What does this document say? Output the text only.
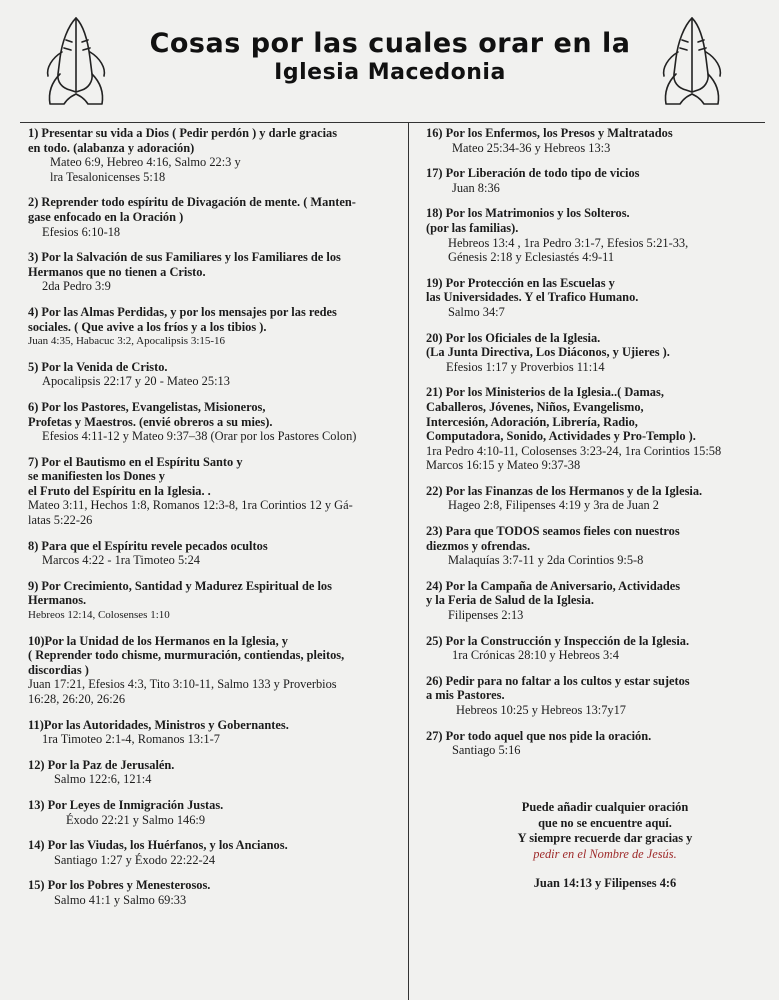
Cosas por las cuales orar en la
Iglesia Macedonia
1) Presentar su vida a Dios ( Pedir perdón ) y darle gracias
en todo. (alabanza y adoración)
Mateo 6:9, Hebreo 4:16, Salmo 22:3 y
lra Tesalonicenses 5:18
2) Reprender todo espíritu de Divagación de mente. ( Manten-
gase enfocado en la Oración )
Efesios 6:10-18
3) Por la Salvación de sus Familiares y los Familiares de los
Hermanos que no tienen a Cristo.
2da Pedro 3:9
4) Por las Almas Perdidas, y por los mensajes por las redes
sociales. ( Que avive a los fríos y a los tibios ).
Juan 4:35, Habacuc 3:2, Apocalipsis 3:15-16
5) Por la Venida de Cristo.
Apocalipsis 22:17 y 20 - Mateo 25:13
6) Por los Pastores, Evangelistas, Misioneros,
Profetas y Maestros. (envié obreros a su mies).
Efesios 4:11-12 y Mateo 9:37–38 (Orar por los Pastores Colon)
7) Por el Bautismo en el Espíritu Santo y
se manifiesten los Dones y
el Fruto del Espíritu en la Iglesia. .
Mateo 3:11, Hechos 1:8, Romanos 12:3-8, 1ra Corintios 12 y Gá-
latas 5:22-26
8) Para que el Espíritu revele pecados ocultos
Marcos 4:22 - 1ra Timoteo 5:24
9) Por Crecimiento, Santidad y Madurez Espiritual de los
Hermanos.
Hebreos 12:14, Colosenses 1:10
10)Por la Unidad de los Hermanos en la Iglesia, y
( Reprender todo chisme, murmuración, contiendas, pleitos,
discordias )
Juan 17:21, Efesios 4:3, Tito 3:10-11, Salmo 133 y Proverbios
16:28, 26:20, 26:26
11)Por las Autoridades, Ministros y Gobernantes.
1ra Timoteo 2:1-4, Romanos 13:1-7
12) Por la Paz de Jerusalén.
Salmo 122:6, 121:4
13) Por Leyes de Inmigración Justas.
Éxodo 22:21 y Salmo 146:9
14) Por las Viudas, los Huérfanos, y los Ancianos.
Santiago 1:27 y Éxodo 22:22-24
15) Por los Pobres y Menesterosos.
Salmo 41:1 y Salmo 69:33
16) Por los Enfermos, los Presos y Maltratados
Mateo 25:34-36 y Hebreos 13:3
17) Por Liberación de todo tipo de vicios
Juan 8:36
18) Por los Matrimonios y los Solteros.
(por las familias).
Hebreos 13:4 , 1ra Pedro 3:1-7, Efesios 5:21-33,
Génesis 2:18 y Eclesiastés 4:9-11
19) Por Protección en las Escuelas y
las Universidades. Y el Trafico Humano.
Salmo 34:7
20) Por los Oficiales de la Iglesia.
(La Junta Directiva, Los Diáconos, y Ujieres ).
Efesios 1:17 y Proverbios 11:14
21) Por los Ministerios de la Iglesia..( Damas,
Caballeros, Jóvenes, Niños, Evangelismo,
Intercesión, Adoración, Librería, Radio,
Computadora, Sonido, Actividades y Pro-Templo ).
1ra Pedro 4:10-11, Colosenses 3:23-24, 1ra Corintios 15:58
Marcos 16:15 y Mateo 9:37-38
22) Por las Finanzas de los Hermanos y de la Iglesia.
Hageo 2:8, Filipenses 4:19 y 3ra de Juan 2
23) Para que TODOS seamos fieles con nuestros
diezmos y ofrendas.
Malaquías 3:7-11 y 2da Corintios 9:5-8
24) Por la Campaña de Aniversario, Actividades
y la Feria de Salud de la Iglesia.
Filipenses 2:13
25) Por la Construcción y Inspección de la Iglesia.
1ra Crónicas 28:10 y Hebreos 3:4
26) Pedir para no faltar a los cultos y estar sujetos
a mis Pastores.
Hebreos 10:25 y Hebreos 13:7y17
27) Por todo aquel que nos pide la oración.
Santiago 5:16
Puede añadir cualquier oración
que no se encuentre aquí.
Y siempre recuerde dar gracias y
pedir en el Nombre de Jesús.
Juan 14:13 y Filipenses 4:6
